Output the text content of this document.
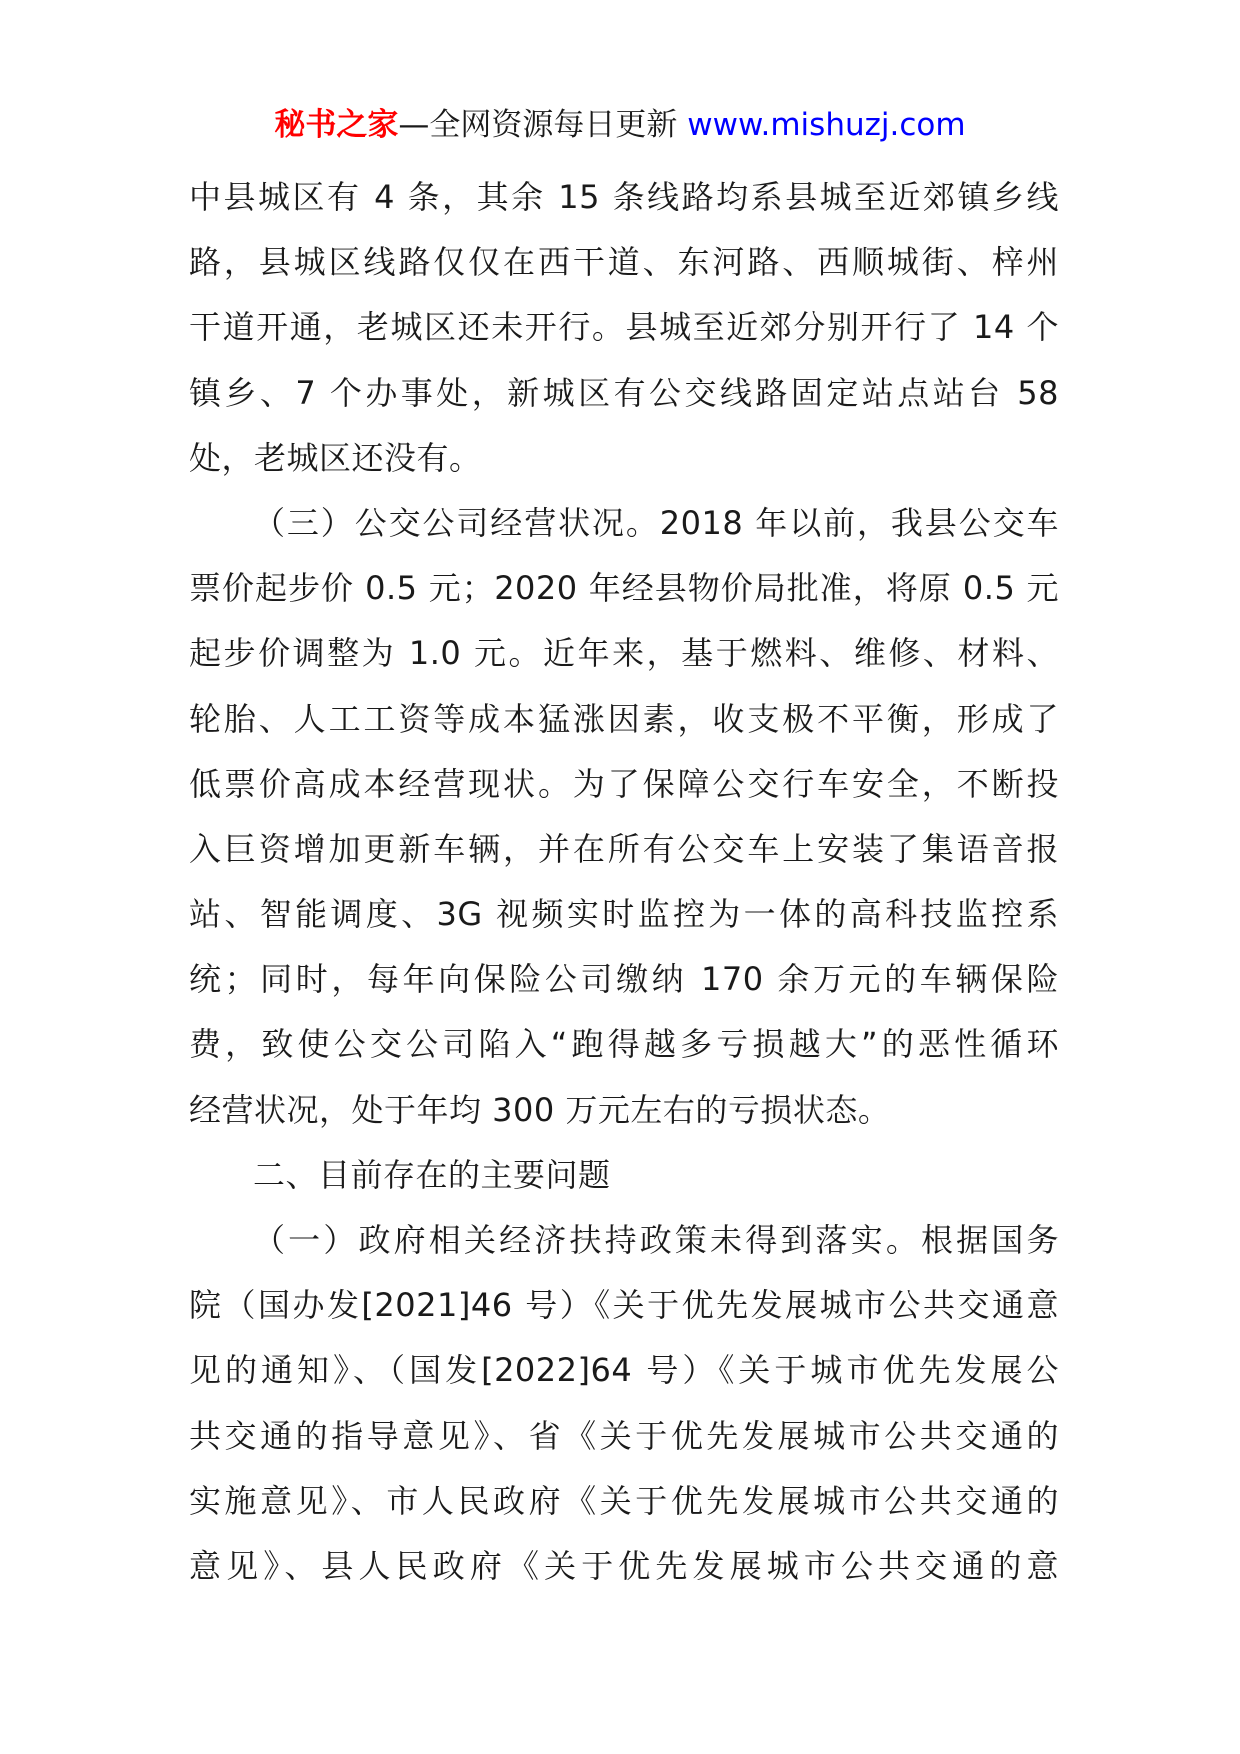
秘书之家—全网资源每日更新 www.mishuzj.com
中县城区有 4 条，其余 15 条线路均系县城至近郊镇乡线
路，县城区线路仅仅在西干道、东河路、西顺城街、梓州
干道开通，老城区还未开行。县城至近郊分别开行了 14 个
镇乡、7 个办事处，新城区有公交线路固定站点站台 58
处，老城区还没有。
（三）公交公司经营状况。2018 年以前，我县公交车
票价起步价 0.5 元；2020 年经县物价局批准，将原 0.5 元
起步价调整为 1.0 元。近年来，基于燃料、维修、材料、
轮胎、人工工资等成本猛涨因素，收支极不平衡，形成了
低票价高成本经营现状。为了保障公交行车安全，不断投
入巨资增加更新车辆，并在所有公交车上安装了集语音报
站、智能调度、3G 视频实时监控为一体的高科技监控系
统；同时，每年向保险公司缴纳 170 余万元的车辆保险
费，致使公交公司陷入“跑得越多亏损越大”的恶性循环
经营状况，处于年均 300 万元左右的亏损状态。
二、目前存在的主要问题
（一）政府相关经济扶持政策未得到落实。根据国务
院（国办发[2021]46 号）《关于优先发展城市公共交通意
见的通知》、（国发[2022]64 号）《关于城市优先发展公
共交通的指导意见》、省《关于优先发展城市公共交通的
实施意见》、市人民政府《关于优先发展城市公共交通的
意见》、县人民政府《关于优先发展城市公共交通的意
